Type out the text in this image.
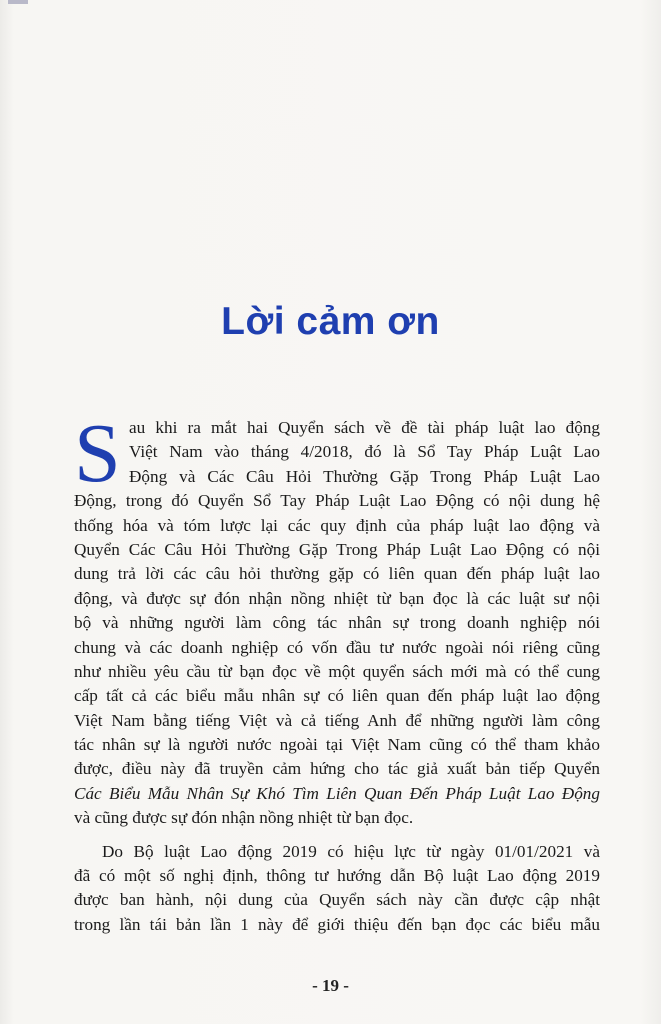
Lời cảm ơn
S au khi ra mắt hai Quyển sách về đề tài pháp luật lao động
Việt Nam vào tháng 4/2018, đó là Sổ Tay Pháp Luật Lao
Động và Các Câu Hỏi Thường Gặp Trong Pháp Luật Lao
Động, trong đó Quyển Sổ Tay Pháp Luật Lao Động có nội dung hệ
thống hóa và tóm lược lại các quy định của pháp luật lao động và
Quyển Các Câu Hỏi Thường Gặp Trong Pháp Luật Lao Động có nội
dung trả lời các câu hỏi thường gặp có liên quan đến pháp luật lao
động, và được sự đón nhận nồng nhiệt từ bạn đọc là các luật sư nội
bộ và những người làm công tác nhân sự trong doanh nghiệp nói
chung và các doanh nghiệp có vốn đầu tư nước ngoài nói riêng cũng
như nhiều yêu cầu từ bạn đọc về một quyển sách mới mà có thể cung
cấp tất cả các biểu mẫu nhân sự có liên quan đến pháp luật lao động
Việt Nam bằng tiếng Việt và cả tiếng Anh để những người làm công
tác nhân sự là người nước ngoài tại Việt Nam cũng có thể tham khảo
được, điều này đã truyền cảm hứng cho tác giả xuất bản tiếp Quyển
Các Biểu Mẫu Nhân Sự Khó Tìm Liên Quan Đến Pháp Luật Lao Động
và cũng được sự đón nhận nồng nhiệt từ bạn đọc.
Do Bộ luật Lao động 2019 có hiệu lực từ ngày 01/01/2021 và
đã có một số nghị định, thông tư hướng dẫn Bộ luật Lao động 2019
được ban hành, nội dung của Quyển sách này cần được cập nhật
trong lần tái bản lần 1 này để giới thiệu đến bạn đọc các biểu mẫu
- 19 -
